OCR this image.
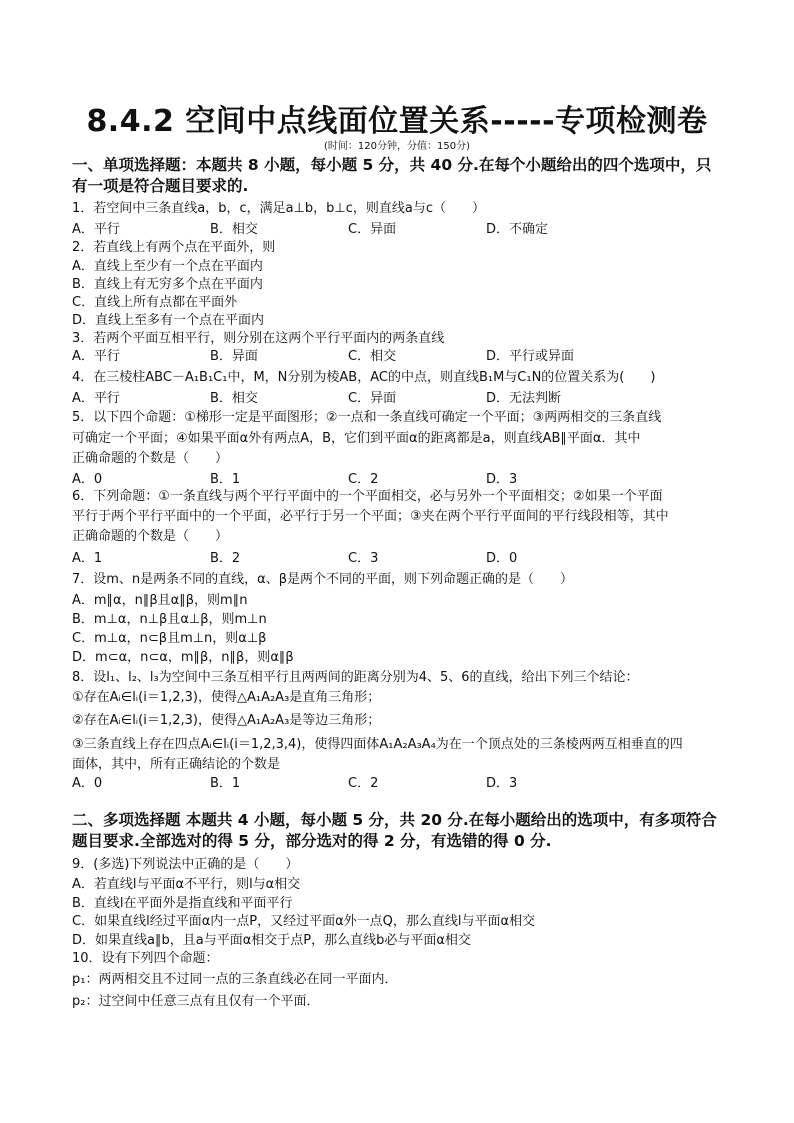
8.4.2 空间中点线面位置关系-----专项检测卷
(时间：120分钟，分值：150分)
一、单项选择题：本题共 8 小题，每小题 5 分，共 40 分.在每个小题给出的四个选项中，只有一项是符合题目要求的.
1．若空间中三条直线a，b，c，满足a⊥b，b⊥c，则直线a与c（　　）
A．平行	B．相交	C．异面	D．不确定
2．若直线上有两个点在平面外，则
A．直线上至少有一个点在平面内
B．直线上有无穷多个点在平面内
C．直线上所有点都在平面外
D．直线上至多有一个点在平面内
3．若两个平面互相平行，则分别在这两个平行平面内的两条直线
A．平行	B．异面	C．相交	D．平行或异面
4．在三棱柱ABC－A₁B₁C₁中，M，N分别为棱AB，AC的中点，则直线B₁M与C₁N的位置关系为(　　)
A．平行	B．相交	C．异面	D．无法判断
5．以下四个命题：①梯形一定是平面图形；②一点和一条直线可确定一个平面；③两两相交的三条直线
可确定一个平面；④如果平面α外有两点A，B，它们到平面α的距离都是a，则直线AB∥平面α．其中
正确命题的个数是（　　）
A．0	B．1	C．2	D．3
6．下列命题：①一条直线与两个平行平面中的一个平面相交，必与另外一个平面相交；②如果一个平面
平行于两个平行平面中的一个平面，必平行于另一个平面；③夹在两个平行平面间的平行线段相等，其中
正确命题的个数是（　　）
A．1	B．2	C．3	D．0
7．设m、n是两条不同的直线，α、β是两个不同的平面，则下列命题正确的是（　　）
A．m∥α，n∥β且α∥β，则m∥n
B．m⊥α，n⊥β且α⊥β，则m⊥n
C．m⊥α，n⊂β且m⊥n，则α⊥β
D．m⊂α，n⊂α，m∥β，n∥β，则α∥β
8．设l₁、l₂、l₃为空间中三条互相平行且两两间的距离分别为4、5、6的直线，给出下列三个结论：
①存在Aᵢ∈lᵢ(i＝1,2,3)，使得△A₁A₂A₃是直角三角形；
②存在Aᵢ∈lᵢ(i＝1,2,3)，使得△A₁A₂A₃是等边三角形；
③三条直线上存在四点Aᵢ∈lᵢ(i＝1,2,3,4)，使得四面体A₁A₂A₃A₄为在一个顶点处的三条棱两两互相垂直的四
面体，其中，所有正确结论的个数是
A．0	B．1	C．2	D．3
二、多项选择题 本题共 4 小题，每小题 5 分，共 20 分.在每小题给出的选项中，有多项符合题目要求.全部选对的得 5 分，部分选对的得 2 分，有选错的得 0 分.
9．(多选)下列说法中正确的是（　　）
A．若直线l与平面α不平行，则l与α相交
B．直线l在平面外是指直线和平面平行
C．如果直线l经过平面α内一点P，又经过平面α外一点Q，那么直线l与平面α相交
D．如果直线a∥b，且a与平面α相交于点P，那么直线b必与平面α相交
10．设有下列四个命题：
p₁：两两相交且不过同一点的三条直线必在同一平面内．
p₂：过空间中任意三点有且仅有一个平面．
